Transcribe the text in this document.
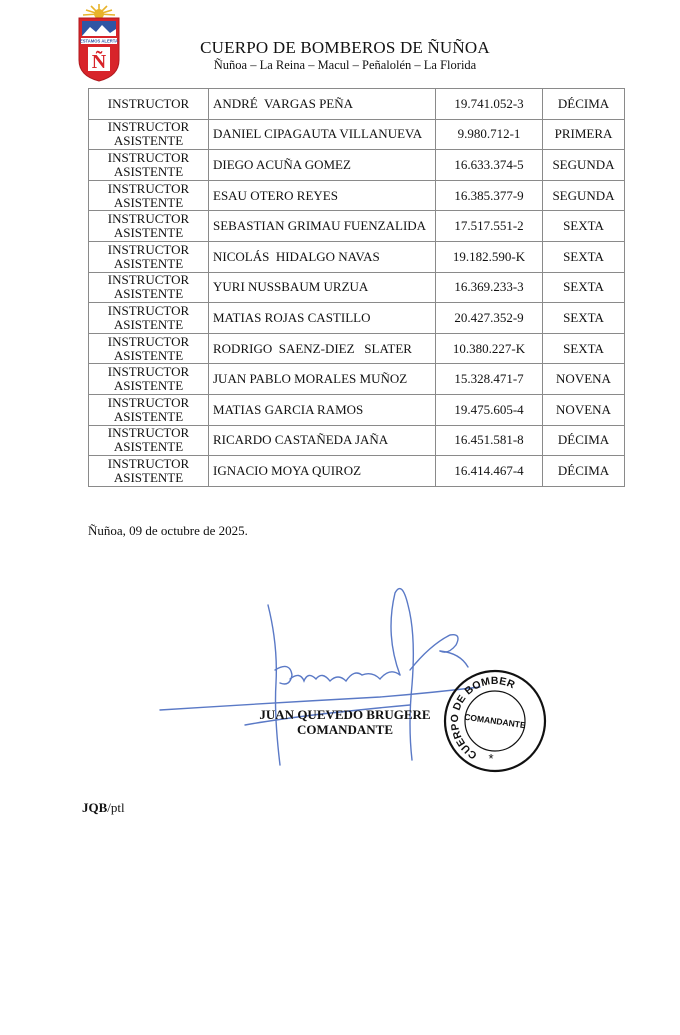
ESTAMOS ALERTA
Ñ
CUERPO DE BOMBEROS DE ÑUÑOA
Ñuñoa – La Reina – Macul – Peñalolén – La Florida
INSTRUCTOR	ANDRÉ  VARGAS PEÑA	19.741.052-3	DÉCIMA

INSTRUCTOR
ASISTENTE	DANIEL CIPAGAUTA VILLANUEVA	9.980.712-1	PRIMERA

INSTRUCTOR
ASISTENTE	DIEGO ACUÑA GOMEZ	16.633.374-5	SEGUNDA

INSTRUCTOR
ASISTENTE	ESAU OTERO REYES	16.385.377-9	SEGUNDA

INSTRUCTOR
ASISTENTE	SEBASTIAN GRIMAU FUENZALIDA	17.517.551-2	SEXTA

INSTRUCTOR
ASISTENTE	NICOLÁS  HIDALGO NAVAS	19.182.590-K	SEXTA

INSTRUCTOR
ASISTENTE	YURI NUSSBAUM URZUA	16.369.233-3	SEXTA

INSTRUCTOR
ASISTENTE	MATIAS ROJAS CASTILLO	20.427.352-9	SEXTA

INSTRUCTOR
ASISTENTE	RODRIGO  SAENZ-DIEZ   SLATER	10.380.227-K	SEXTA

INSTRUCTOR
ASISTENTE	JUAN PABLO MORALES MUÑOZ	15.328.471-7	NOVENA

INSTRUCTOR
ASISTENTE	MATIAS GARCIA RAMOS	19.475.605-4	NOVENA

INSTRUCTOR
ASISTENTE	RICARDO CASTAÑEDA JAÑA	16.451.581-8	DÉCIMA

INSTRUCTOR
ASISTENTE	IGNACIO MOYA QUIROZ	16.414.467-4	DÉCIMA
Ñuñoa, 09 de octubre de 2025.
JUAN QUEVEDO BRUGERE
COMANDANTE
CUERPO DE BOMBEROS
COMANDANTE
*
JQB/ptl
